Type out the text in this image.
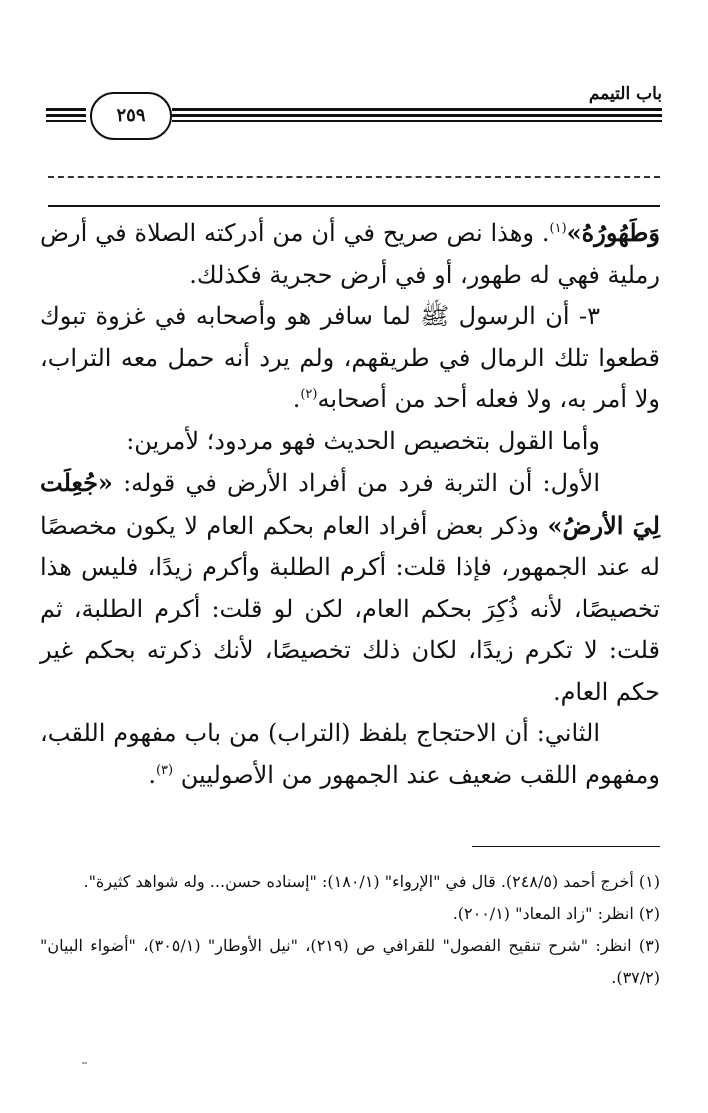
باب التيمم
٢٥٩

وَطَهُورُهُ»$^{(١)}$. وهذا نص صريح في أن من أدركته الصلاة في أرض رملية فهي له طهور، أو في أرض حجرية فكذلك.

٣- أن الرسول ﷺ لما سافر هو وأصحابه في غزوة تبوك قطعوا تلك الرمال في طريقهم، ولم يرد أنه حمل معه التراب، ولا أمر به، ولا فعله أحد من أصحابه$^{(٢)}$.

وأما القول بتخصيص الحديث فهو مردود؛ لأمرين:

الأول: أن التربة فرد من أفراد الأرض في قوله: «جُعِلَت لِيَ الأرضُ» وذكر بعض أفراد العام بحكم العام لا يكون مخصصًا له عند الجمهور، فإذا قلت: أكرم الطلبة وأكرم زيدًا، فليس هذا تخصيصًا، لأنه ذُكِرَ بحكم العام، لكن لو قلت: أكرم الطلبة، ثم قلت: لا تكرم زيدًا، لكان ذلك تخصيصًا، لأنك ذكرته بحكم غير حكم العام.

الثاني: أن الاحتجاج بلفظ (التراب) من باب مفهوم اللقب، ومفهوم اللقب ضعيف عند الجمهور من الأصوليين $^{(٣)}$.

(١) أخرج أحمد (٢٤٨/٥). قال في "الإرواء" (١٨٠/١): "إسناده حسن... وله شواهد كثيرة".

(٢) انظر: "زاد المعاد" (٢٠٠/١).

(٣) انظر: "شرح تنقيح الفصول" للقرافي ص (٢١٩)، "نيل الأوطار" (٣٠٥/١)، "أضواء البيان" (٣٧/٢).
